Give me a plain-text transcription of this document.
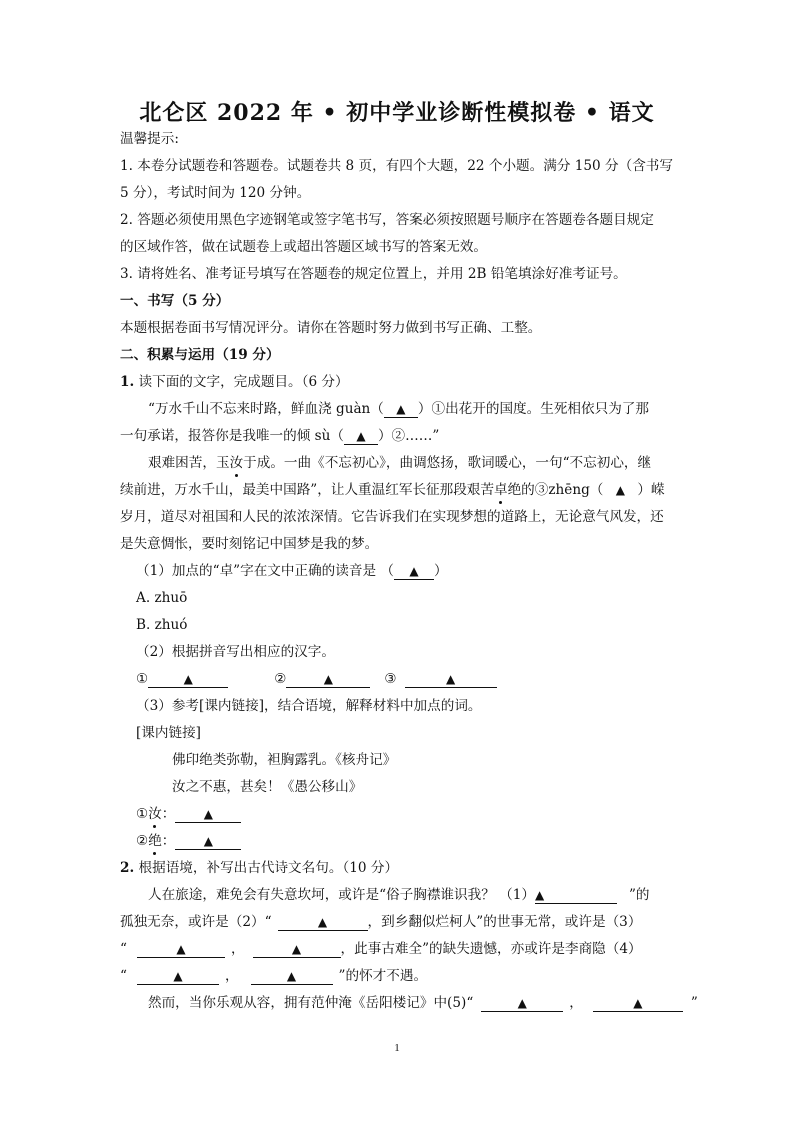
北仑区 2022 年 • 初中学业诊断性模拟卷 • 语文
温馨提示:
1. 本卷分试题卷和答题卷。试题卷共 8 页，有四个大题，22 个小题。满分 150 分（含书写
5 分），考试时间为 120 分钟。
2. 答题必须使用黑色字迹钢笔或签字笔书写，答案必须按照题号顺序在答题卷各题目规定
的区域作答，做在试题卷上或超出答题区域书写的答案无效。
3. 请将姓名、准考证号填写在答题卷的规定位置上，并用 2B 铅笔填涂好准考证号。
一、书写（5 分）
本题根据卷面书写情况评分。请你在答题时努力做到书写正确、工整。
二、积累与运用（19 分）
1. 读下面的文字，完成题目。（6 分）
“万水千山不忘来时路，鲜血浇 guàn（ ▲ ）①出花开的国度。生死相依只为了那
一句承诺，报答你是我唯一的倾 sù（ ▲ ）②……”
艰难困苦，玉汝于成。一曲《不忘初心》，曲调悠扬，歌词暖心，一句“不忘初心，继
续前进，万水千山，最美中国路”，让人重温红军长征那段艰苦卓绝的③zhēng（ ▲ ）嵘
岁月，道尽对祖国和人民的浓浓深情。它告诉我们在实现梦想的道路上，无论意气风发，还
是失意惆怅，要时刻铭记中国梦是我的梦。
（1）加点的“卓”字在文中正确的读音是 （ ▲ ）
A. zhuō
B. zhuó
（2）根据拼音写出相应的汉字。
①	▲	②	▲	③	▲
（3）参考[课内链接]，结合语境，解释材料中加点的词。
[课内链接]
佛印绝类弥勒，袒胸露乳。《核舟记》
汝之不惠，甚矣！《愚公移山》
①汝： ▲
②绝： ▲
2. 根据语境，补写出古代诗文名句。（10 分）
人在旅途，难免会有失意坎坷，或许是“俗子胸襟谁识我？ （1）▲	”的
孤独无奈，或许是（2）“	▲	，到乡翻似烂柯人”的世事无常，或许是（3）
“	▲	，	▲	，此事古难全”的缺失遗憾，亦或许是李商隐（4）
“	▲	，	▲	”的怀才不遇。
然而，当你乐观从容，拥有范仲淹《岳阳楼记》中(5)“	▲	，	▲	”
1
